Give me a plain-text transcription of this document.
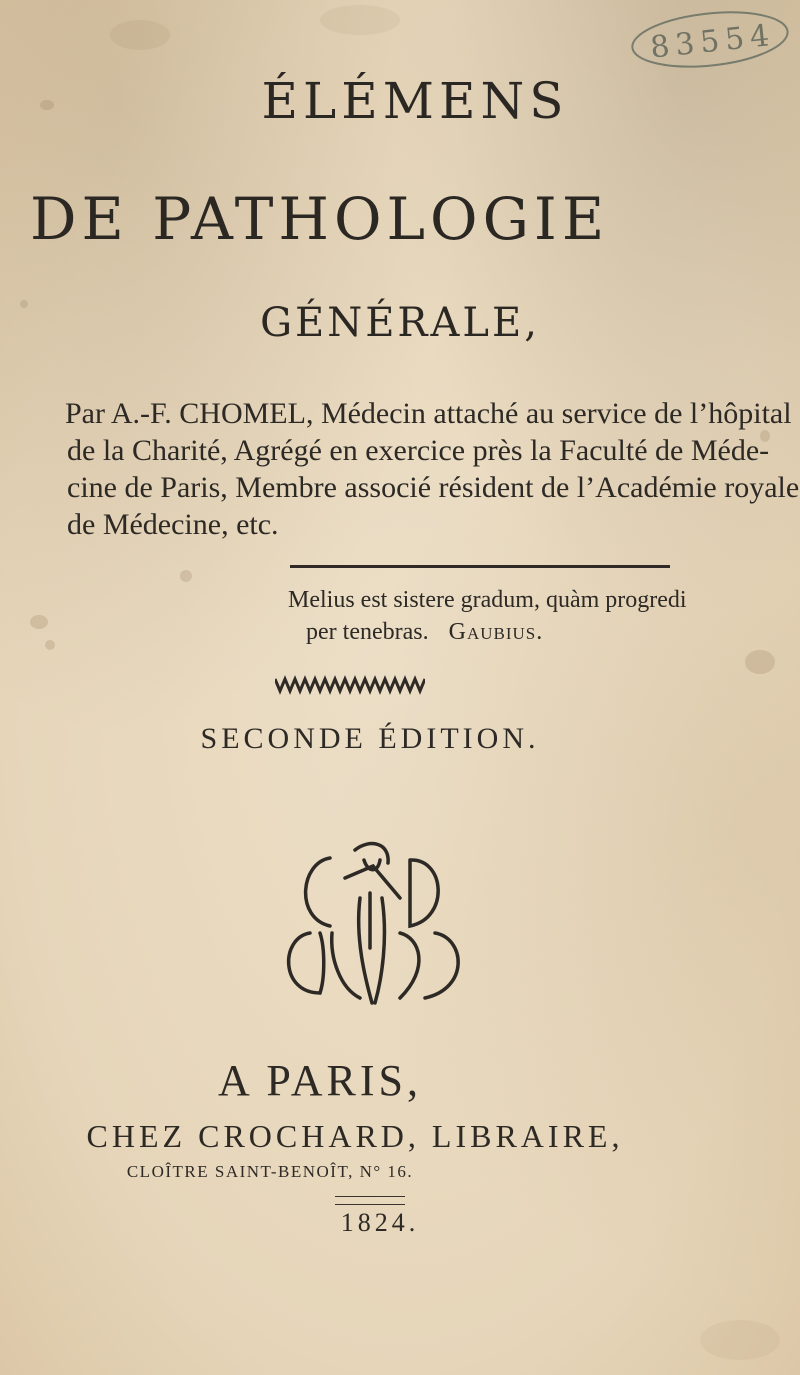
8 3 5 5 4
ÉLÉMENS
DE PATHOLOGIE
GÉNÉRALE,
Par A.-F. CHOMEL, Médecin attaché au service de l’hôpital
de la Charité, Agrégé en exercice près la Faculté de Méde-
cine de Paris, Membre associé résident de l’Académie royale
de Médecine, etc.
Melius est sistere gradum, quàm progredi
per tenebras. Gaubius.
SECONDE ÉDITION.
A PARIS,
CHEZ CROCHARD, LIBRAIRE,
CLOÎTRE SAINT-BENOÎT, N° 16.
1824.
